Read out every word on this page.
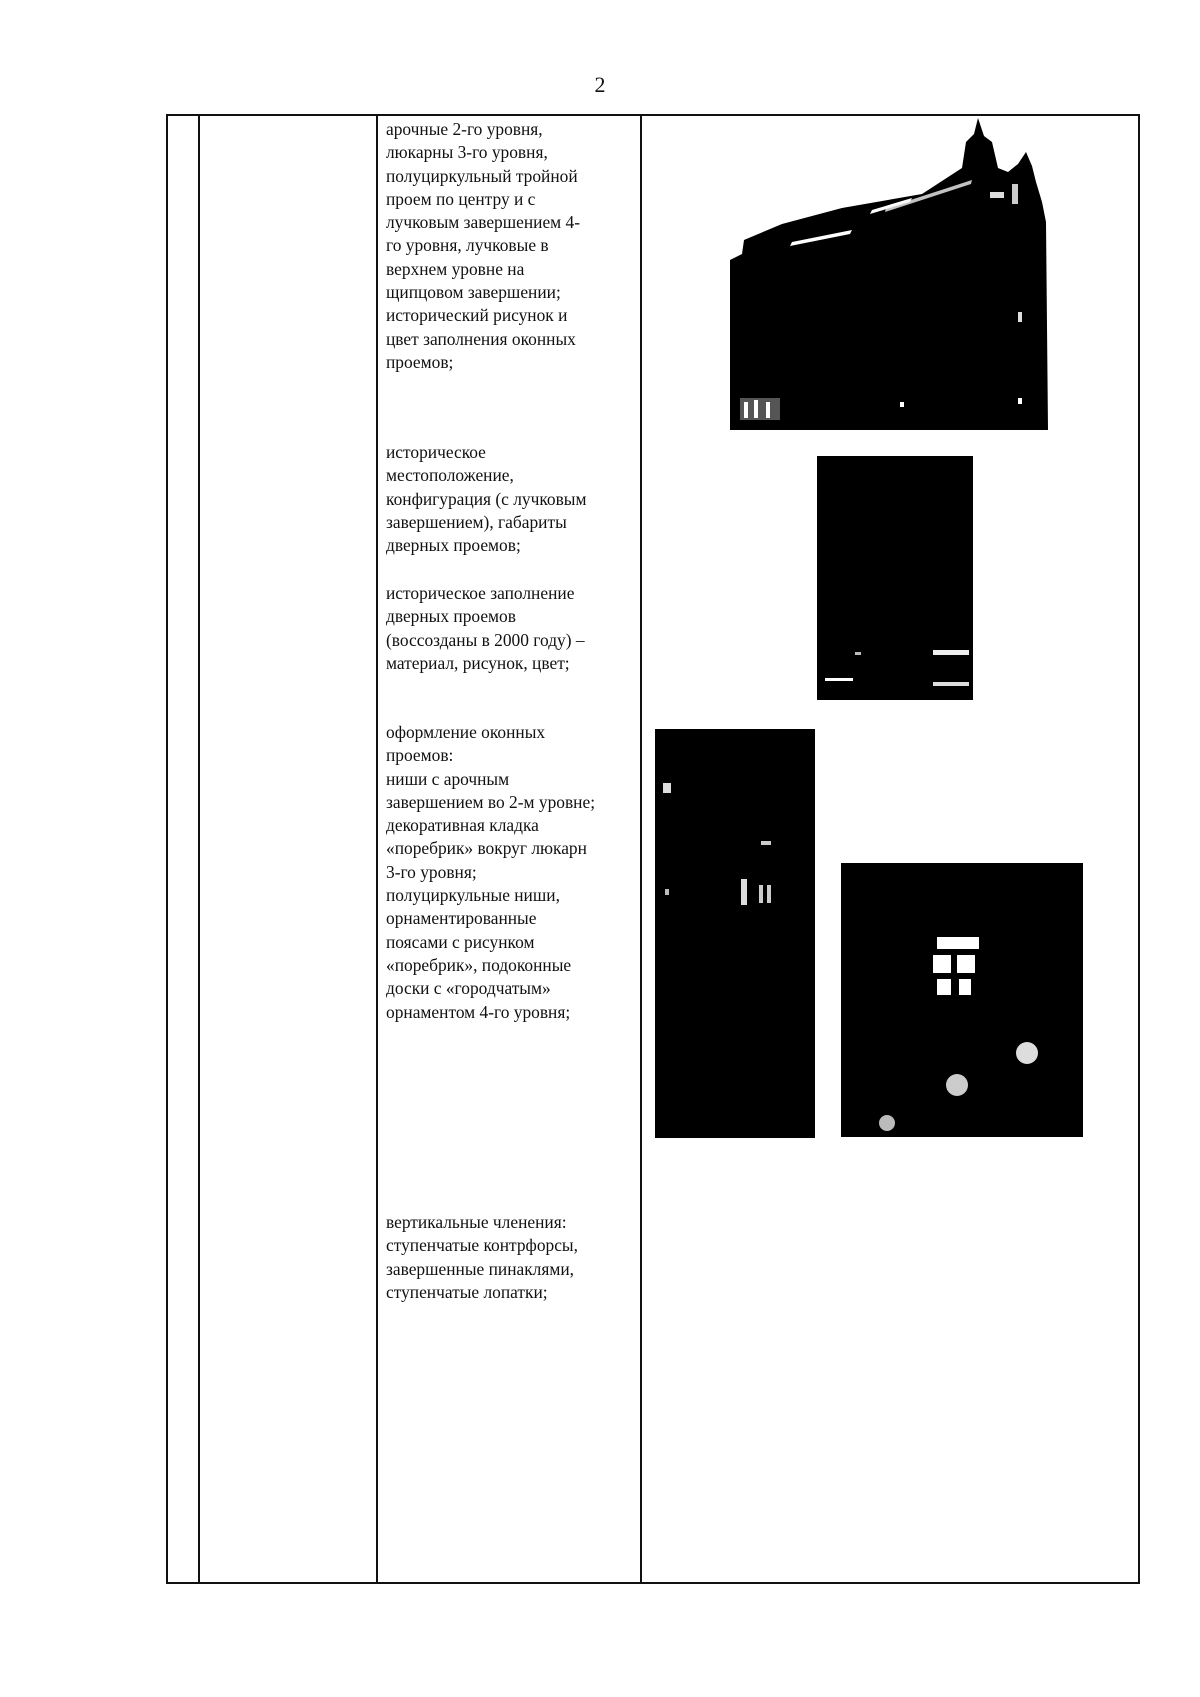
2
арочные 2-го уровня,
люкарны 3-го уровня,
полуциркульный тройной
проем по центру и с
лучковым завершением 4-
го уровня, лучковые в
верхнем уровне на
щипцовом завершении;
исторический рисунок и
цвет заполнения оконных
проемов;
историческое
местоположение,
конфигурация (с лучковым
завершением), габариты
дверных проемов;
историческое заполнение
дверных проемов
(воссозданы в 2000 году) –
материал, рисунок, цвет;
оформление оконных
проемов:
ниши с арочным
завершением во 2-м уровне;
декоративная кладка
«поребрик» вокруг люкарн
3-го уровня;
полуциркульные ниши,
орнаментированные
поясами с рисунком
«поребрик», подоконные
доски с «городчатым»
орнаментом 4-го уровня;
вертикальные членения:
ступенчатые контрфорсы,
завершенные пинаклями,
ступенчатые лопатки;
